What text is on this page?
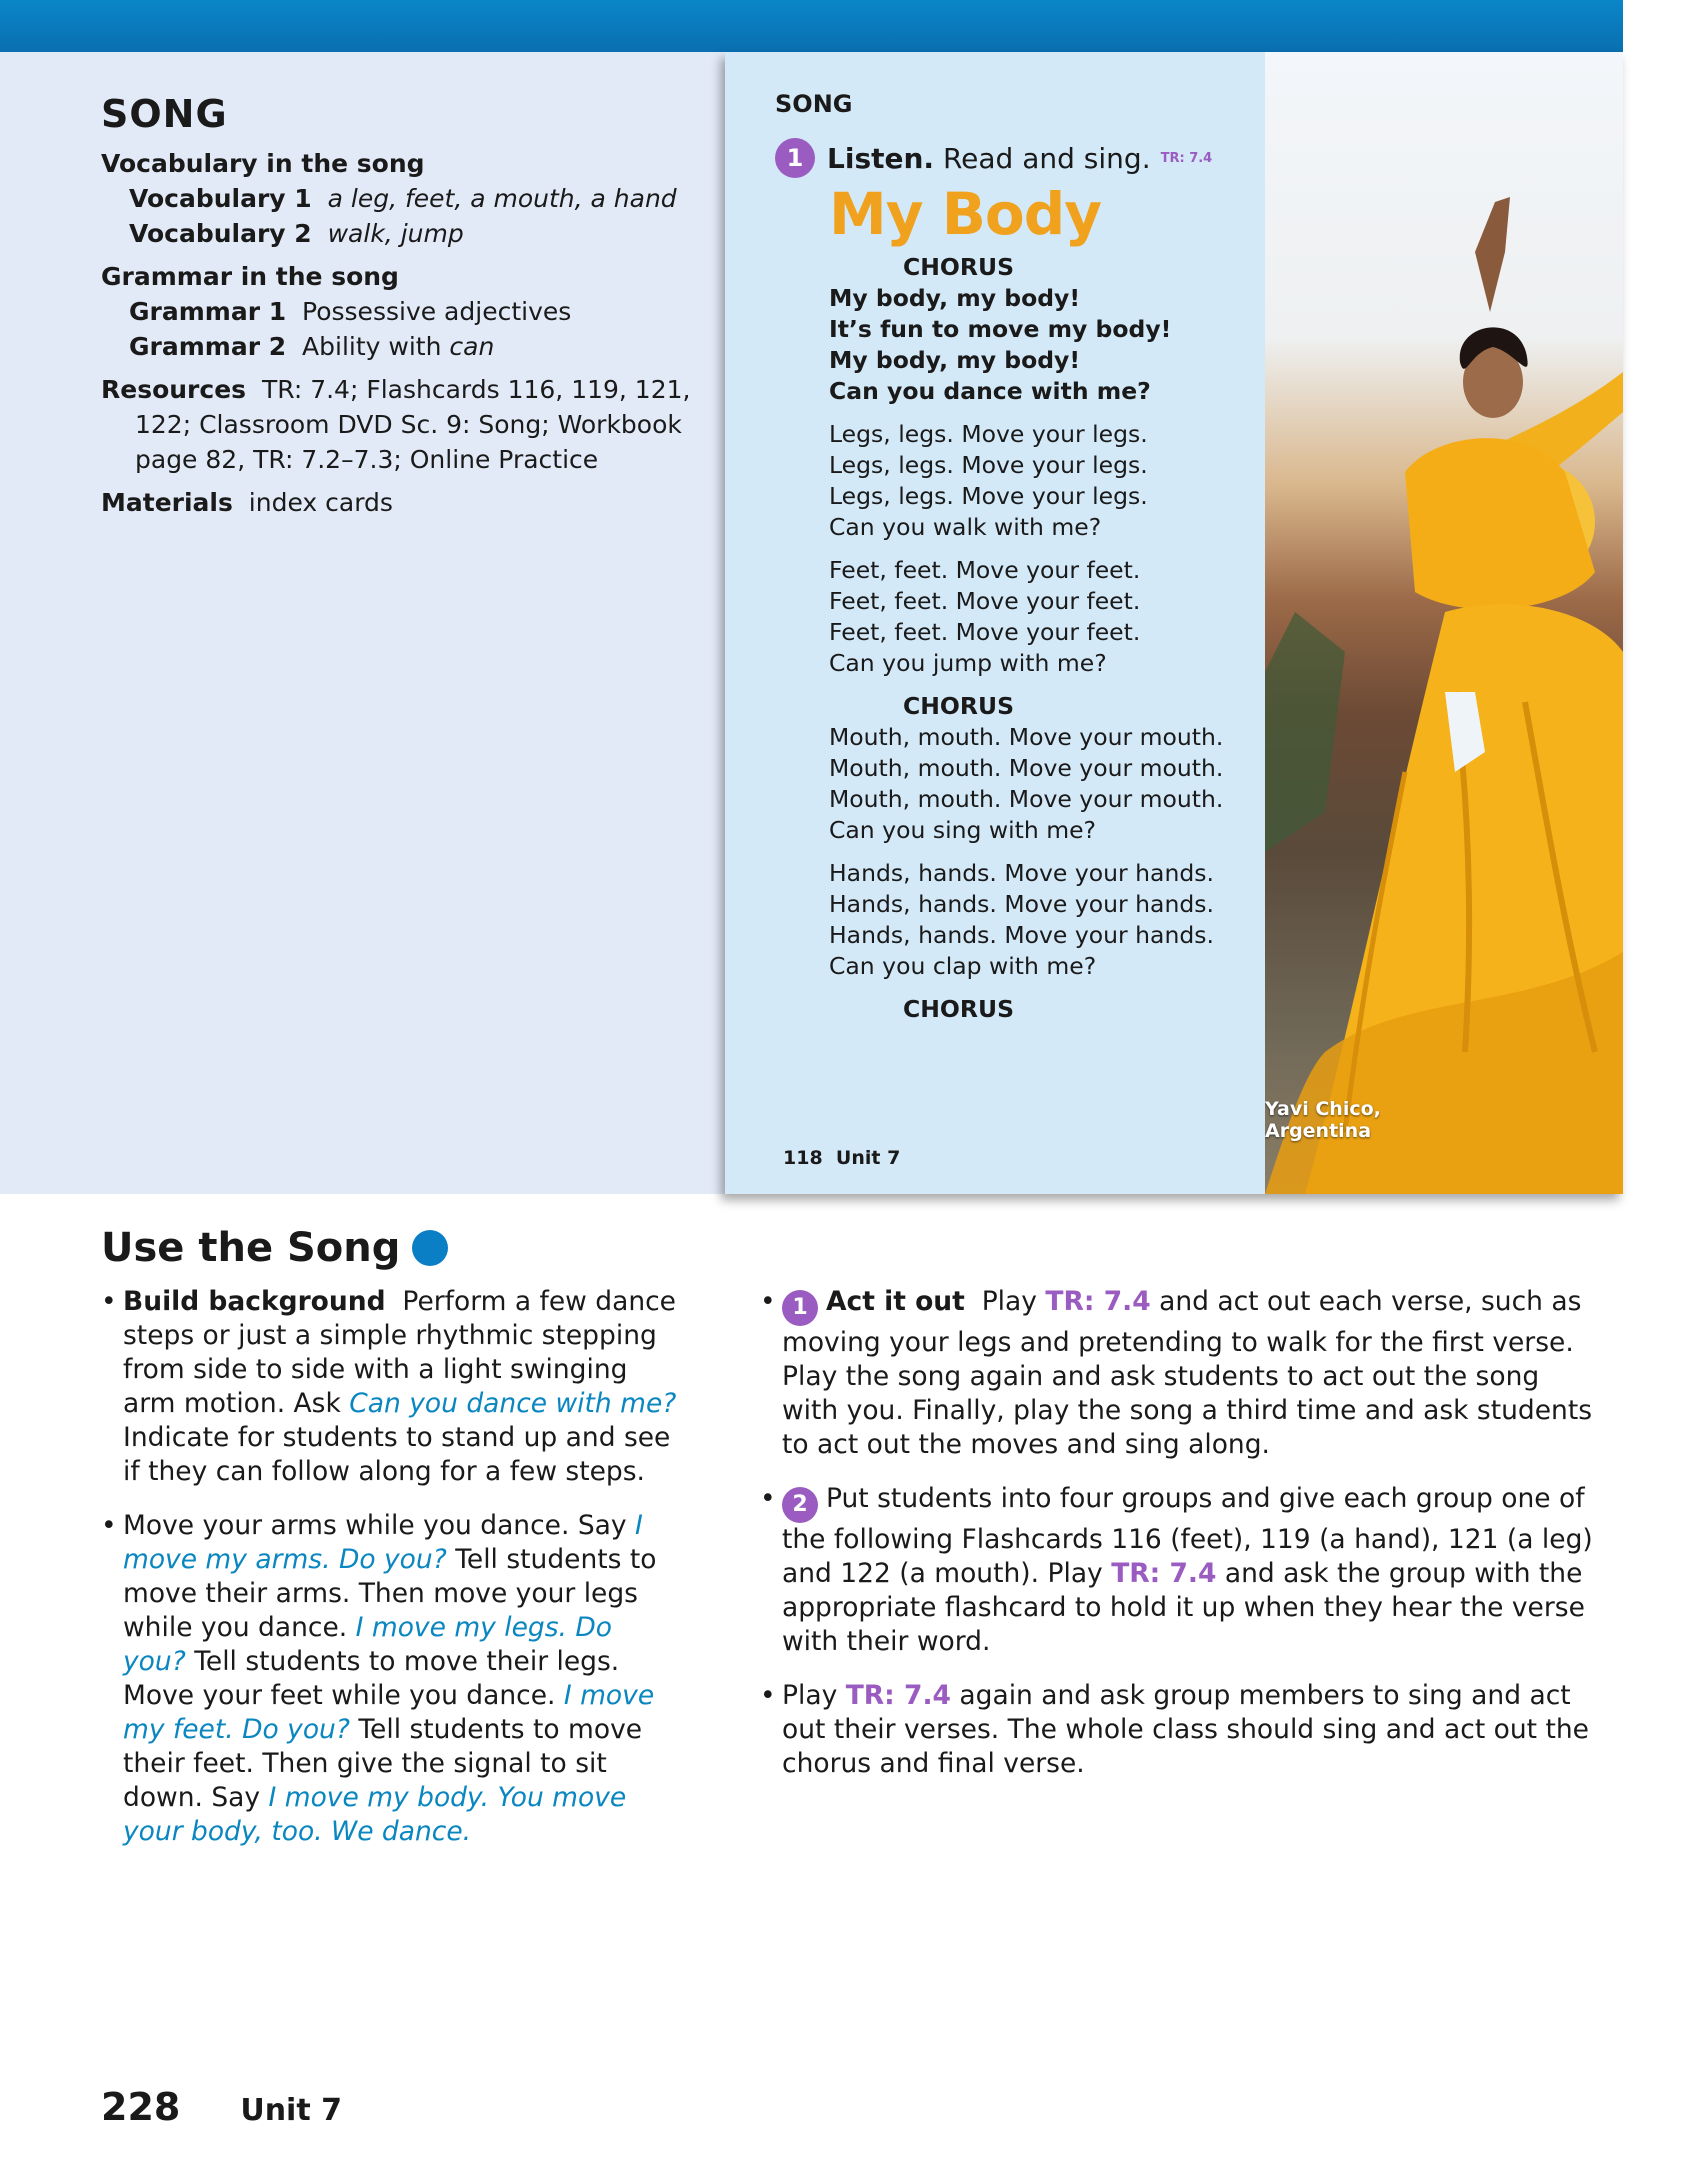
SONG
Vocabulary in the song
Vocabulary 1 a leg, feet, a mouth, a hand
Vocabulary 2 walk, jump
Grammar in the song
Grammar 1 Possessive adjectives
Grammar 2 Ability with can
Resources TR: 7.4; Flashcards 116, 119, 121, 122; Classroom DVD Sc. 9: Song; Workbook page 82, TR: 7.2–7.3; Online Practice
Materials index cards
SONG
1 Listen.
Read and sing. TR: 7.4
My Body
CHORUS
My body, my body!
It’s fun to move my body!
My body, my body!
Can you dance with me?
Legs, legs. Move your legs.
Legs, legs. Move your legs.
Legs, legs. Move your legs.
Can you walk with me?
Feet, feet. Move your feet.
Feet, feet. Move your feet.
Feet, feet. Move your feet.
Can you jump with me?
CHORUS
Mouth, mouth. Move your mouth.
Mouth, mouth. Move your mouth.
Mouth, mouth. Move your mouth.
Can you sing with me?
Hands, hands. Move your hands.
Hands, hands. Move your hands.
Hands, hands. Move your hands.
Can you clap with me?
CHORUS
118 Unit 7
Yavi Chico, Argentina
Use the Song
• Build background Perform a few dance steps or just a simple rhythmic stepping from side to side with a light swinging arm motion. Ask Can you dance with me? Indicate for students to stand up and see if they can follow along for a few steps.
• Move your arms while you dance. Say I move my arms. Do you? Tell students to move their arms. Then move your legs while you dance. I move my legs. Do you? Tell students to move their legs. Move your feet while you dance. I move my feet. Do you? Tell students to move their feet. Then give the signal to sit down. Say I move my body. You move your body, too. We dance.
• 1 Act it out Play TR: 7.4 and act out each verse, such as moving your legs and pretending to walk for the first verse. Play the song again and ask students to act out the song with you. Finally, play the song a third time and ask students to act out the moves and sing along.
• 2 Put students into four groups and give each group one of the following Flashcards 116 (feet), 119 (a hand), 121 (a leg) and 122 (a mouth). Play TR: 7.4 and ask the group with the appropriate flashcard to hold it up when they hear the verse with their word.
• Play TR: 7.4 again and ask group members to sing and act out their verses. The whole class should sing and act out the chorus and final verse.
228 Unit 7
